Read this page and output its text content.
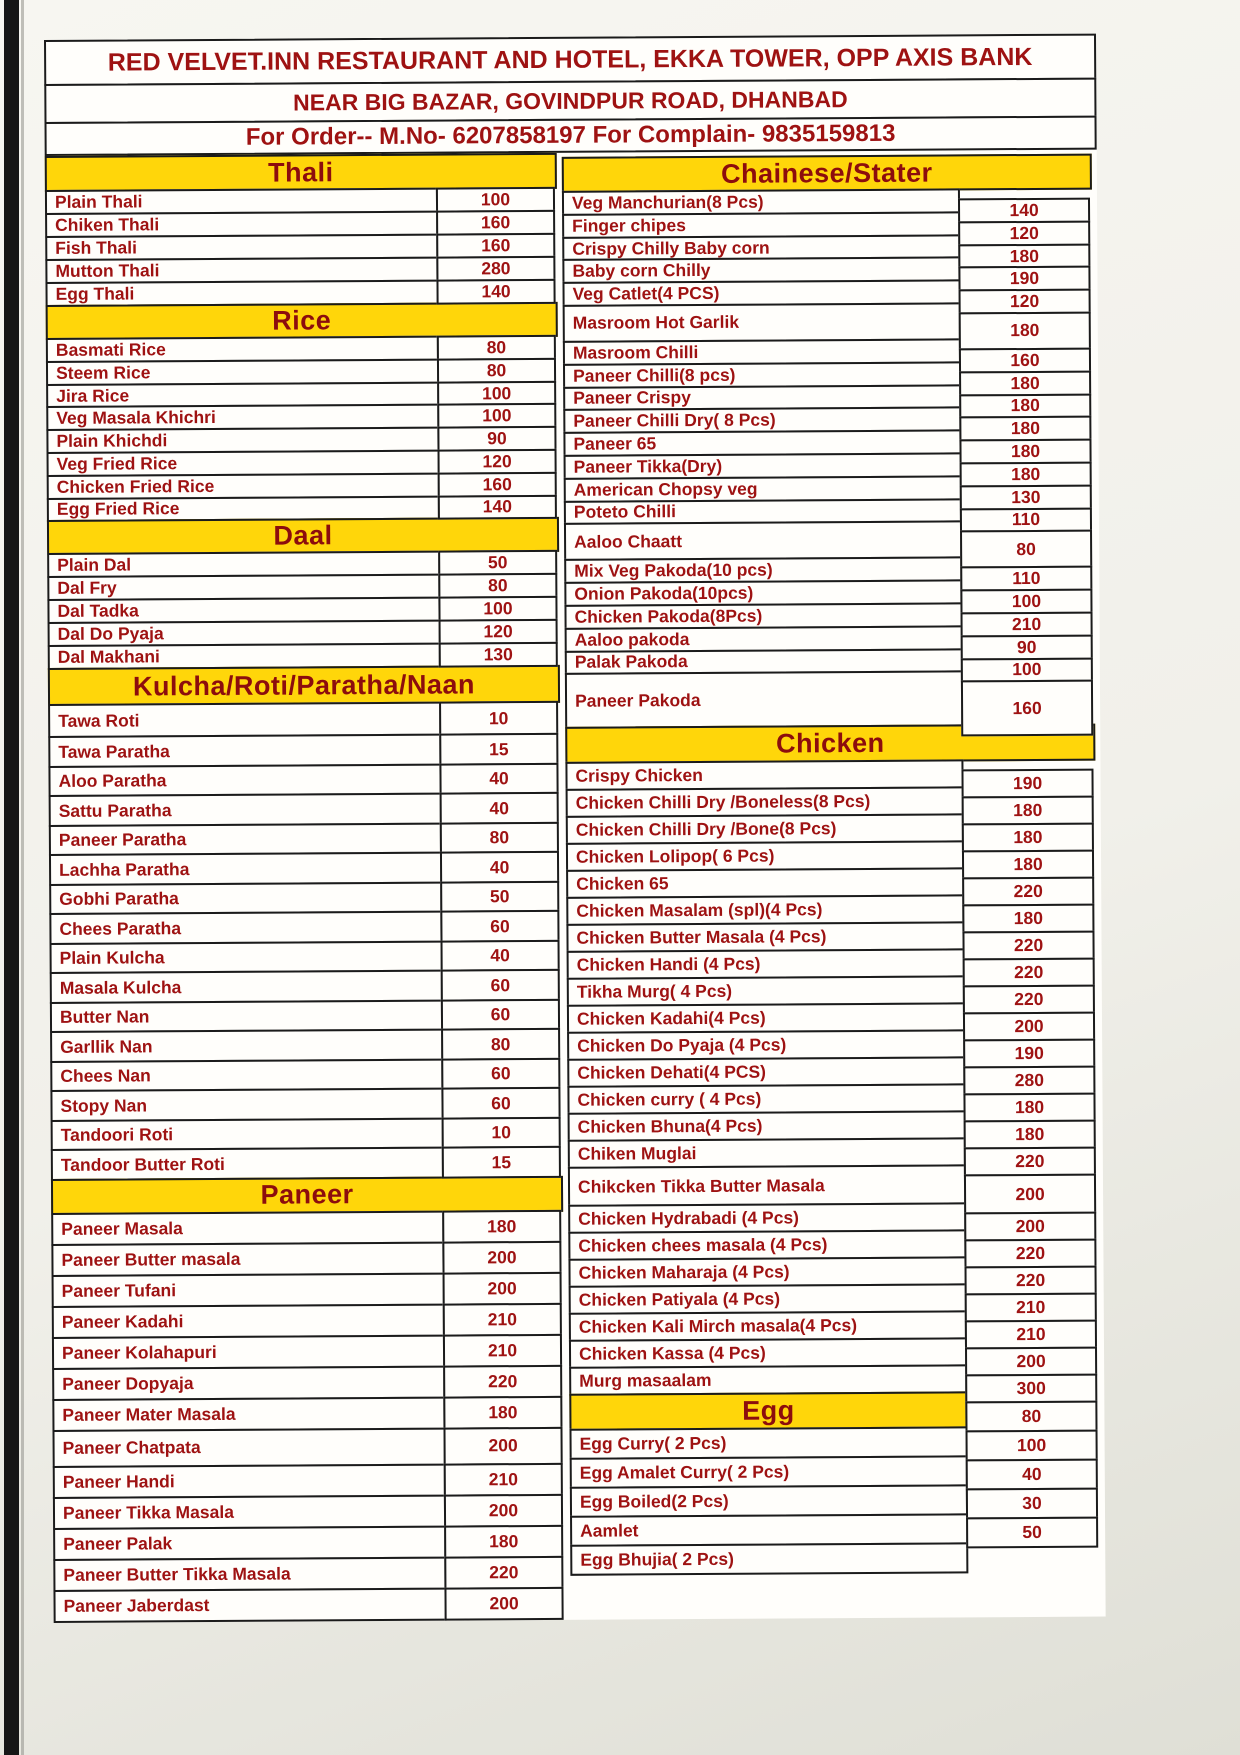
RED VELVET.INN RESTAURANT AND HOTEL, EKKA TOWER, OPP AXIS BANK
NEAR BIG BAZAR, GOVINDPUR ROAD, DHANBAD
For Order-- M.No- 6207858197 For Complain- 9835159813
Thali
Plain Thali
Chiken Thali
Fish Thali
Mutton Thali
Egg Thali
100
160
160
280
140
Rice
Basmati Rice
Steem Rice
Jira Rice
Veg Masala Khichri
Plain Khichdi
Veg Fried Rice
Chicken Fried Rice
Egg Fried Rice
80
80
100
100
90
120
160
140
Daal
Plain Dal
Dal Fry
Dal Tadka
Dal Do Pyaja
Dal Makhani
50
80
100
120
130
Kulcha/Roti/Paratha/Naan
Tawa Roti
Tawa Paratha
Aloo Paratha
Sattu Paratha
Paneer Paratha
Lachha Paratha
Gobhi Paratha
Chees Paratha
Plain Kulcha
Masala Kulcha
Butter Nan
Garllik Nan
Chees Nan
Stopy Nan
Tandoori Roti
Tandoor Butter Roti
10
15
40
40
80
40
50
60
40
60
60
80
60
60
10
15
Paneer
Paneer Masala
Paneer Butter masala
Paneer Tufani
Paneer Kadahi
Paneer Kolahapuri
Paneer Dopyaja
Paneer Mater Masala
Paneer Chatpata
Paneer Handi
Paneer Tikka Masala
Paneer Palak
Paneer Butter Tikka Masala
Paneer Jaberdast
180
200
200
210
210
220
180
200
210
200
180
220
200
Chainese/Stater
Veg Manchurian(8 Pcs)
Finger chipes
Crispy Chilly Baby corn
Baby corn Chilly
Veg Catlet(4 PCS)
Masroom Hot Garlik
Masroom Chilli
Paneer Chilli(8 pcs)
Paneer Crispy
Paneer Chilli Dry( 8 Pcs)
Paneer 65
Paneer Tikka(Dry)
American Chopsy veg
Poteto Chilli
Aaloo Chaatt
Mix Veg Pakoda(10 pcs)
Onion Pakoda(10pcs)
Chicken Pakoda(8Pcs)
Aaloo pakoda
Palak Pakoda
Paneer Pakoda
140
120
180
190
120
180
160
180
180
180
180
180
130
110
80
110
100
210
90
100
160
Chicken
Crispy Chicken
Chicken Chilli Dry /Boneless(8 Pcs)
Chicken Chilli Dry /Bone(8 Pcs)
Chicken Lolipop( 6 Pcs)
Chicken 65
Chicken Masalam (spl)(4 Pcs)
Chicken Butter Masala (4 Pcs)
Chicken Handi (4 Pcs)
Tikha Murg( 4 Pcs)
Chicken Kadahi(4 Pcs)
Chicken Do Pyaja (4 Pcs)
Chicken Dehati(4 PCS)
Chicken curry ( 4 Pcs)
Chicken Bhuna(4 Pcs)
Chiken Muglai
Chikcken Tikka Butter Masala
Chicken Hydrabadi (4 Pcs)
Chicken chees masala (4 Pcs)
Chicken Maharaja (4 Pcs)
Chicken Patiyala (4 Pcs)
Chicken Kali Mirch masala(4 Pcs)
Chicken Kassa (4 Pcs)
Murg masaalam
Egg
Egg Curry( 2 Pcs)
Egg Amalet Curry( 2 Pcs)
Egg Boiled(2 Pcs)
Aamlet
Egg Bhujia( 2 Pcs)
190
180
180
180
220
180
220
220
220
200
190
280
180
180
220
200
200
220
220
210
210
200
300
80
100
40
30
50
